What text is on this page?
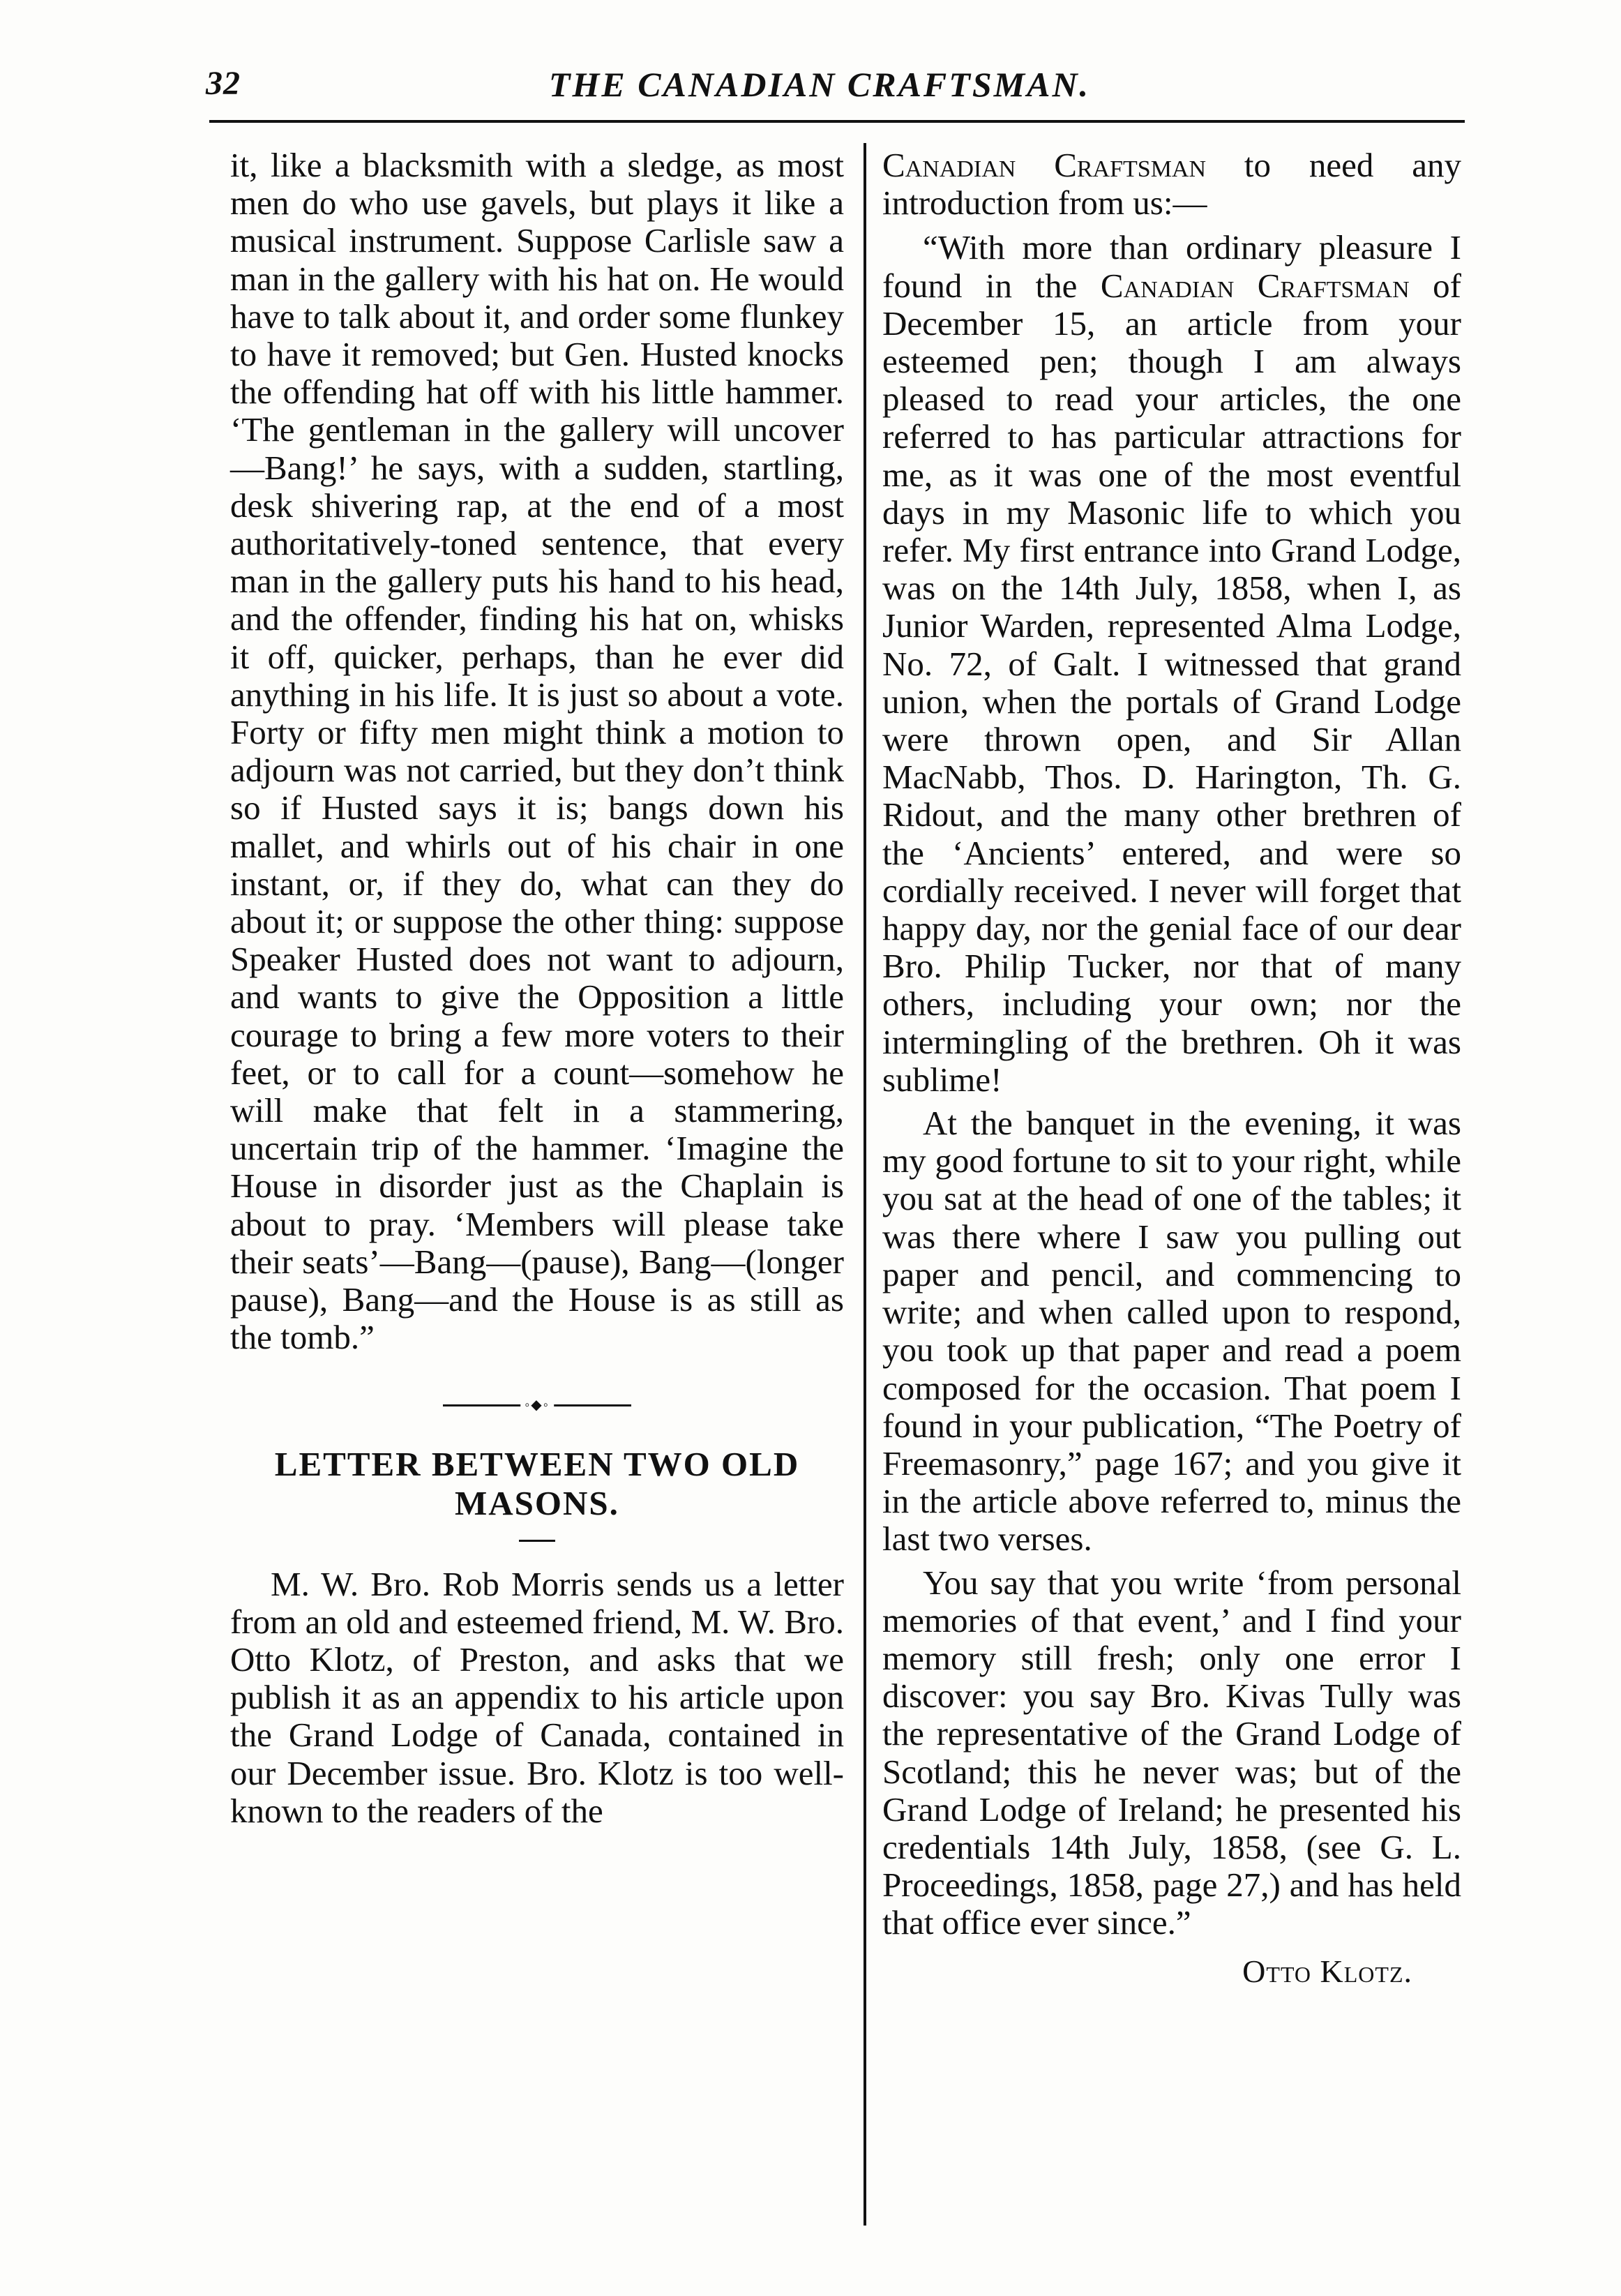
32	THE CANADIAN CRAFTSMAN.

it, like a blacksmith with a sledge, as most men do who use gavels, but plays it like a musical instrument. Suppose Carlisle saw a man in the gallery with his hat on. He would have to talk about it, and order some flunkey to have it removed; but Gen. Husted knocks the offending hat off with his little hammer. ‘The gentleman in the gallery will uncover—Bang!’ he says, with a sudden, startling, desk shivering rap, at the end of a most authoritatively-toned sentence, that every man in the gallery puts his hand to his head, and the offender, finding his hat on, whisks it off, quicker, perhaps, than he ever did anything in his life. It is just so about a vote. Forty or fifty men might think a motion to adjourn was not carried, but they don’t think so if Husted says it is; bangs down his mallet, and whirls out of his chair in one instant, or, if they do, what can they do about it; or suppose the other thing: suppose Speaker Husted does not want to adjourn, and wants to give the Opposition a little courage to bring a few more voters to their feet, or to call for a count—somehow he will make that felt in a stammering, uncertain trip of the hammer. ‘Imagine the House in disorder just as the Chaplain is about to pray. ‘Members will please take their seats’—Bang—(pause), Bang—(longer pause), Bang—and the House is as still as the tomb.”

◦◆◦
LETTER BETWEEN TWO OLD
MASONS.

M. W. Bro. Rob Morris sends us a letter from an old and esteemed friend, M. W. Bro. Otto Klotz, of Preston, and asks that we publish it as an appendix to his article upon the Grand Lodge of Canada, contained in our December issue. Bro. Klotz is too well-known to the readers of the

Canadian Craftsman to need any introduction from us:—

“With more than ordinary pleasure I found in the Canadian Craftsman of December 15, an article from your esteemed pen; though I am always pleased to read your articles, the one referred to has particular attractions for me, as it was one of the most eventful days in my Masonic life to which you refer. My first entrance into Grand Lodge, was on the 14th July, 1858, when I, as Junior Warden, represented Alma Lodge, No. 72, of Galt. I witnessed that grand union, when the portals of Grand Lodge were thrown open, and Sir Allan MacNabb, Thos. D. Harington, Th. G. Ridout, and the many other brethren of the ‘Ancients’ entered, and were so cordially received. I never will forget that happy day, nor the genial face of our dear Bro. Philip Tucker, nor that of many others, including your own; nor the intermingling of the brethren. Oh it was sublime!

At the banquet in the evening, it was my good fortune to sit to your right, while you sat at the head of one of the tables; it was there where I saw you pulling out paper and pencil, and commencing to write; and when called upon to respond, you took up that paper and read a poem composed for the occasion. That poem I found in your publication, “The Poetry of Freemasonry,” page 167; and you give it in the article above referred to, minus the last two verses.

You say that you write ‘from personal memories of that event,’ and I find your memory still fresh; only one error I discover: you say Bro. Kivas Tully was the representative of the Grand Lodge of Scotland; this he never was; but of the Grand Lodge of Ireland; he presented his credentials 14th July, 1858, (see G. L. Proceedings, 1858, page 27,) and has held that office ever since.”

Otto Klotz.
